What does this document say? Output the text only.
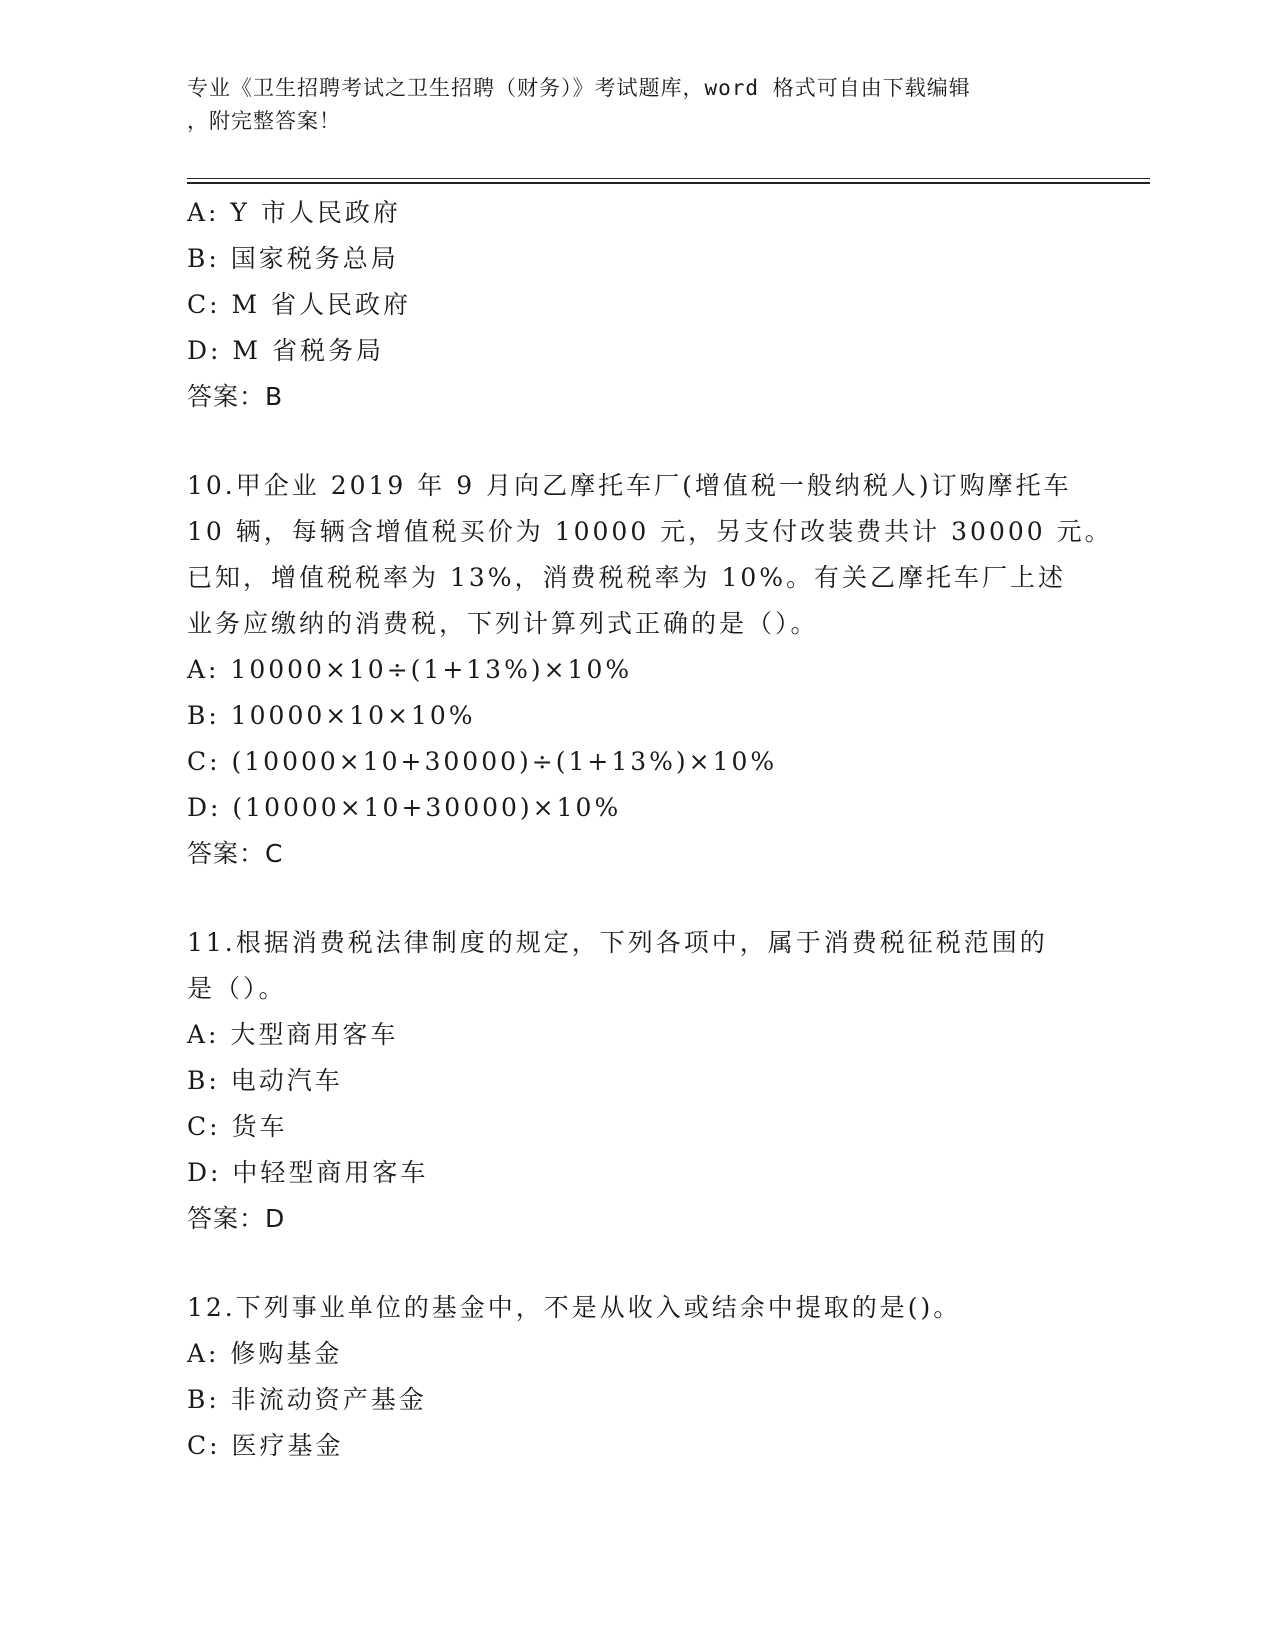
专业《卫生招聘考试之卫生招聘（财务）》考试题库，word 格式可自由下载编辑
，附完整答案！
A: Y 市人民政府
B: 国家税务总局
C: M 省人民政府
D: M 省税务局
答案：B
10.甲企业 2019 年 9 月向乙摩托车厂(增值税一般纳税人)订购摩托车
10 辆，每辆含增值税买价为 10000 元，另支付改装费共计 30000 元。
已知，增值税税率为 13%，消费税税率为 10%。有关乙摩托车厂上述
业务应缴纳的消费税，下列计算列式正确的是（）。
A: 10000×10÷(1+13%)×10%
B: 10000×10×10%
C: (10000×10+30000)÷(1+13%)×10%
D: (10000×10+30000)×10%
答案：C
11.根据消费税法律制度的规定，下列各项中，属于消费税征税范围的
是（）。
A: 大型商用客车
B: 电动汽车
C: 货车
D: 中轻型商用客车
答案：D
12.下列事业单位的基金中，不是从收入或结余中提取的是()。
A: 修购基金
B: 非流动资产基金
C: 医疗基金
